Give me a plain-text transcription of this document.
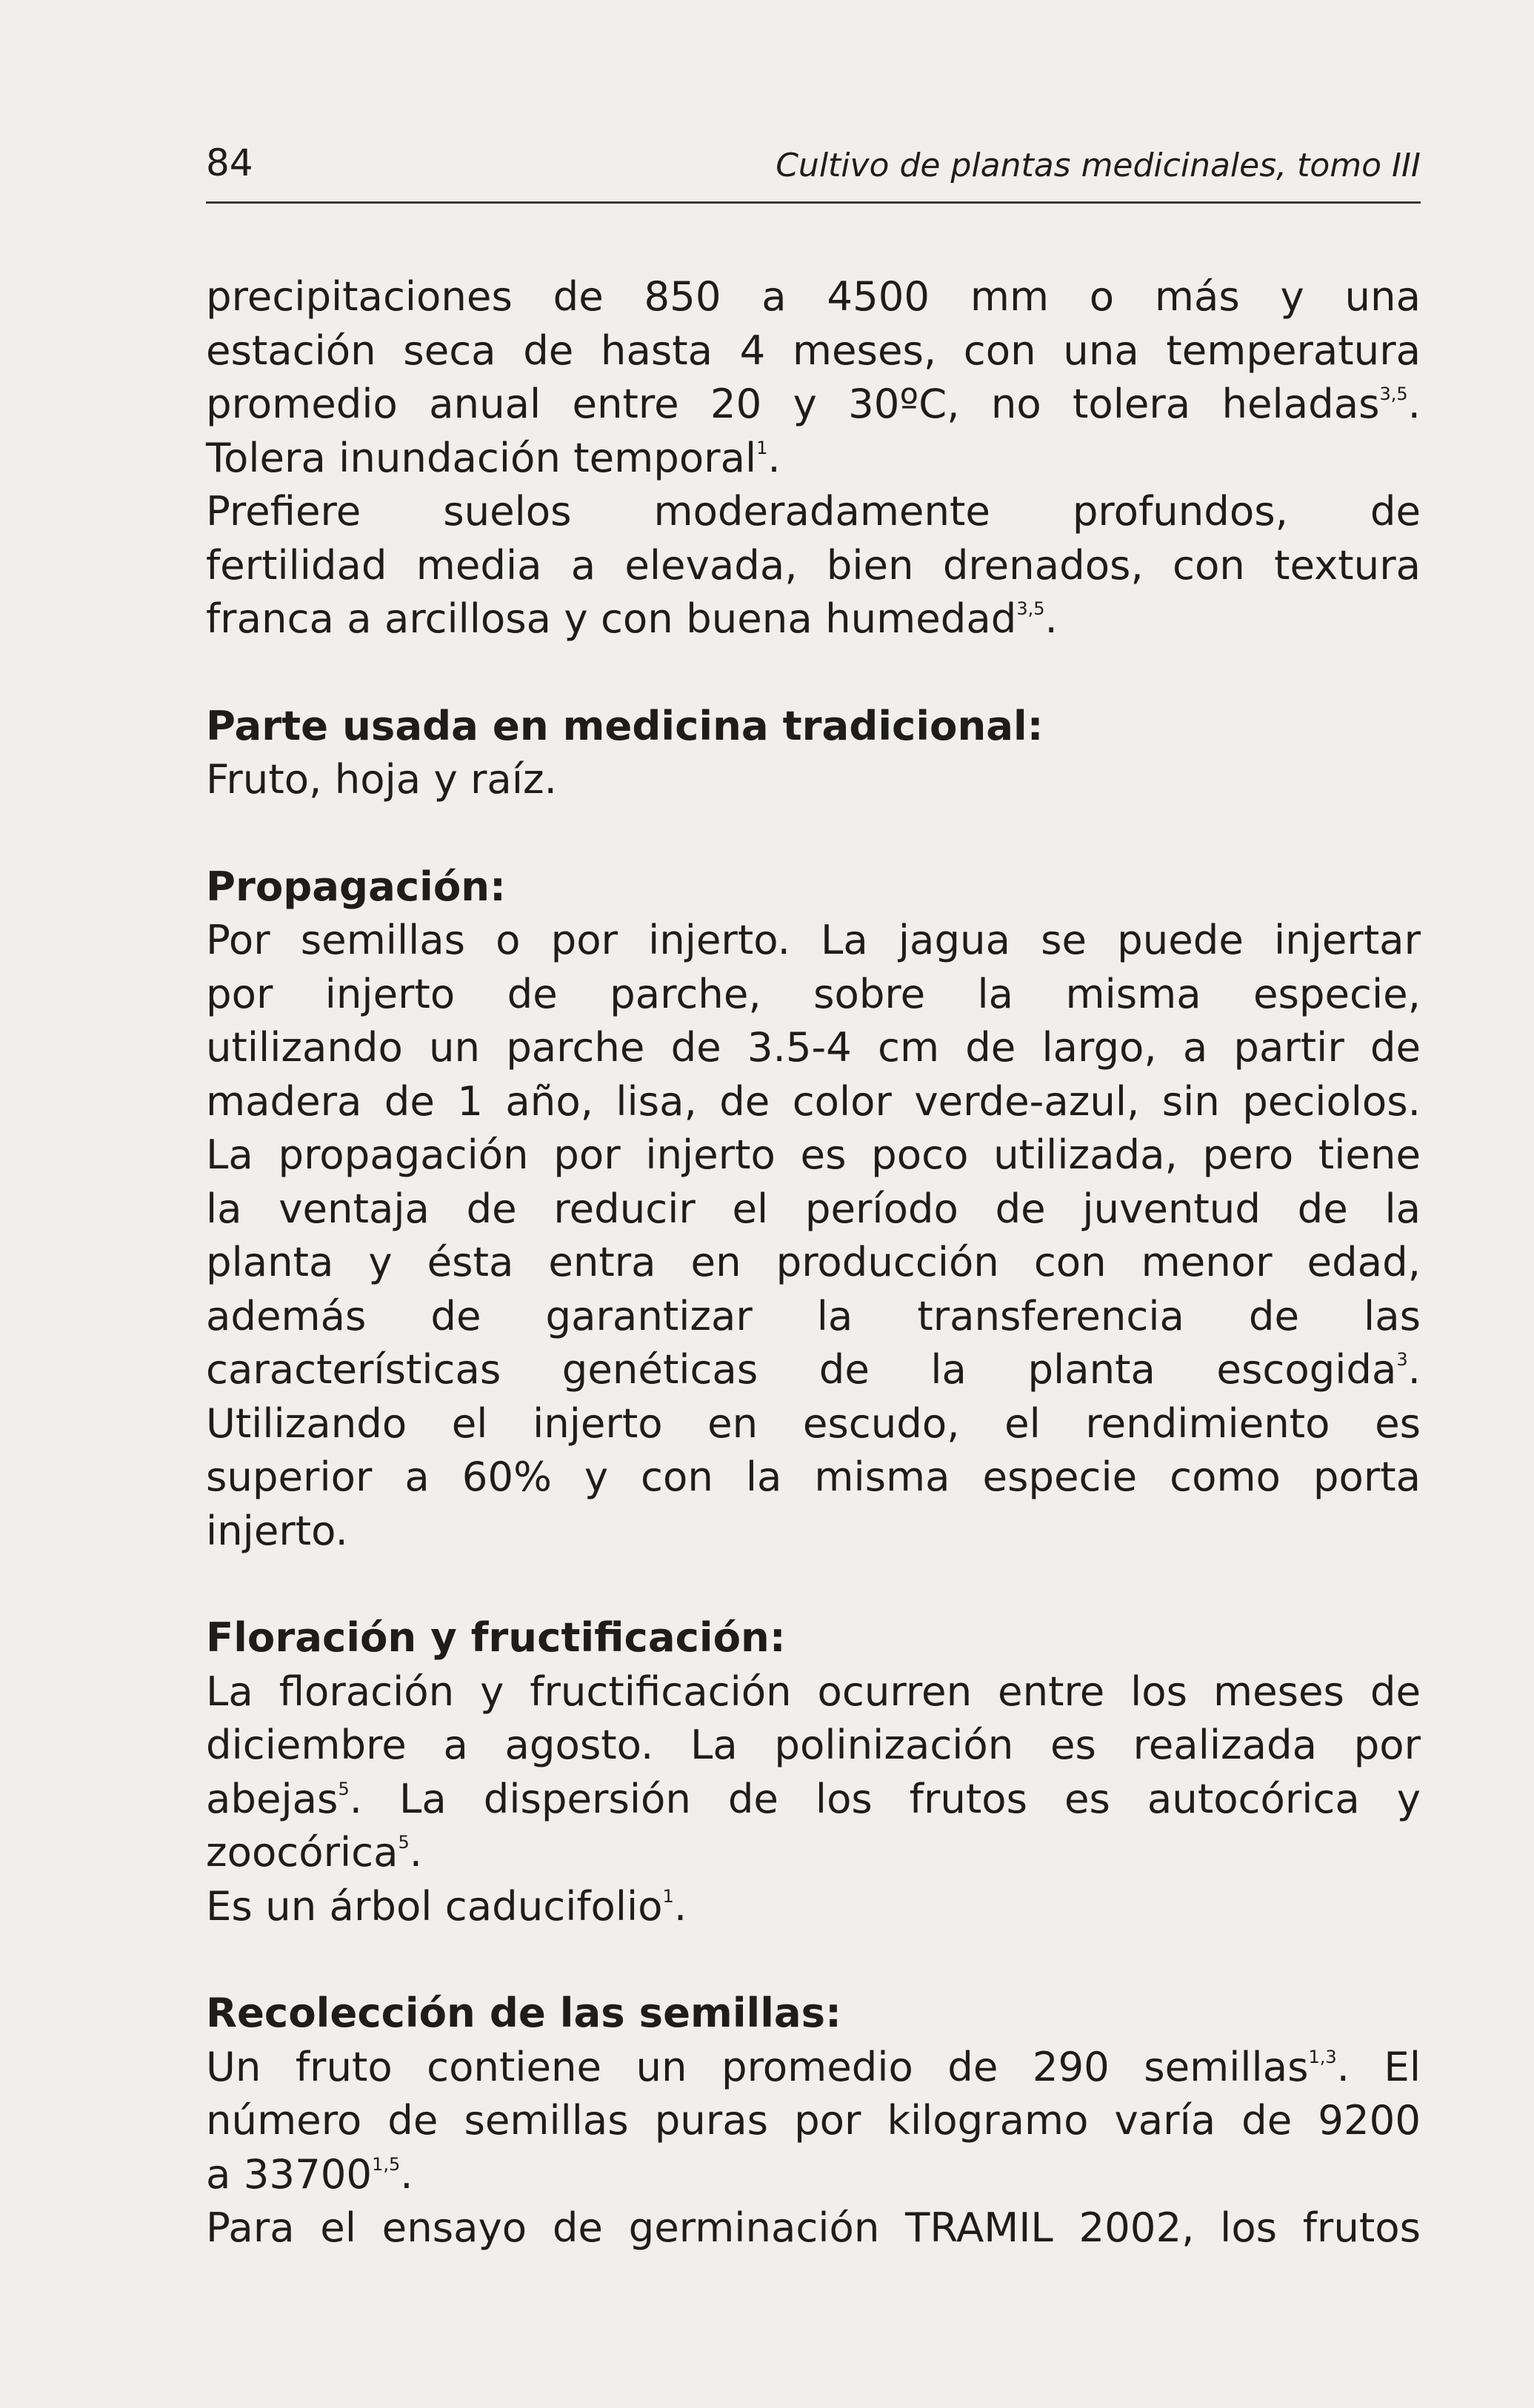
84	Cultivo de plantas medicinales, tomo III

precipitaciones de 850 a 4500 mm o más y una

estación seca de hasta 4 meses, con una temperatura

promedio anual entre 20 y 30ºC, no tolera heladas$^{3,5}$.

Tolera inundación temporal$^1$.

Prefiere suelos moderadamente profundos, de

fertilidad media a elevada, bien drenados, con textura

franca a arcillosa y con buena humedad$^{3,5}$.

Parte usada en medicina tradicional:

Fruto, hoja y raíz.

Propagación:

Por semillas o por injerto. La jagua se puede injertar

por injerto de parche, sobre la misma especie,

utilizando un parche de 3.5-4 cm de largo, a partir de

madera de 1 año, lisa, de color verde-azul, sin peciolos.

La propagación por injerto es poco utilizada, pero tiene

la ventaja de reducir el período de juventud de la

planta y ésta entra en producción con menor edad,

además de garantizar la transferencia de las

características genéticas de la planta escogida$^3$.

Utilizando el injerto en escudo, el rendimiento es

superior a 60% y con la misma especie como porta

injerto.

Floración y fructificación:

La floración y fructificación ocurren entre los meses de

diciembre a agosto. La polinización es realizada por

abejas$^5$. La dispersión de los frutos es autocórica y

zoocórica$^5$.

Es un árbol caducifolio$^1$.

Recolección de las semillas:

Un fruto contiene un promedio de 290 semillas$^{1,3}$. El

número de semillas puras por kilogramo varía de 9200

a 33700$^{1,5}$.

Para el ensayo de germinación TRAMIL 2002, los frutos
